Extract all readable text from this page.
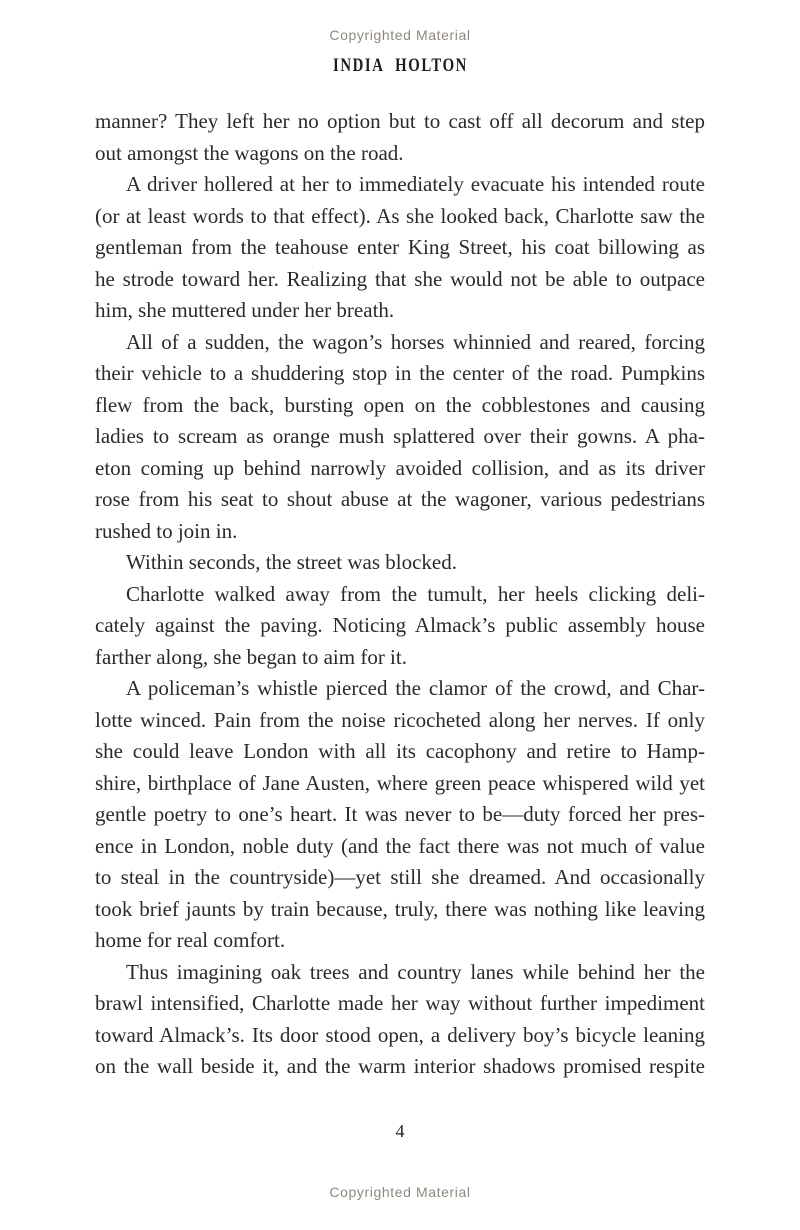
Copyrighted Material
INDIA HOLTON
manner? They left her no option but to cast off all decorum and step
out amongst the wagons on the road.
A driver hollered at her to immediately evacuate his intended route
(or at least words to that effect). As she looked back, Charlotte saw the
gentleman from the teahouse enter King Street, his coat billowing as
he strode toward her. Realizing that she would not be able to outpace
him, she muttered under her breath.
All of a sudden, the wagon’s horses whinnied and reared, forcing
their vehicle to a shuddering stop in the center of the road. Pumpkins
flew from the back, bursting open on the cobblestones and causing
ladies to scream as orange mush splattered over their gowns. A pha-
eton coming up behind narrowly avoided collision, and as its driver
rose from his seat to shout abuse at the wagoner, various pedestrians
rushed to join in.
Within seconds, the street was blocked.
Charlotte walked away from the tumult, her heels clicking deli-
cately against the paving. Noticing Almack’s public assembly house
farther along, she began to aim for it.
A policeman’s whistle pierced the clamor of the crowd, and Char-
lotte winced. Pain from the noise ricocheted along her nerves. If only
she could leave London with all its cacophony and retire to Hamp-
shire, birthplace of Jane Austen, where green peace whispered wild yet
gentle poetry to one’s heart. It was never to be—duty forced her pres-
ence in London, noble duty (and the fact there was not much of value
to steal in the countryside)—yet still she dreamed. And occasionally
took brief jaunts by train because, truly, there was nothing like leaving
home for real comfort.
Thus imagining oak trees and country lanes while behind her the
brawl intensified, Charlotte made her way without further impediment
toward Almack’s. Its door stood open, a delivery boy’s bicycle leaning
on the wall beside it, and the warm interior shadows promised respite
4
Copyrighted Material
